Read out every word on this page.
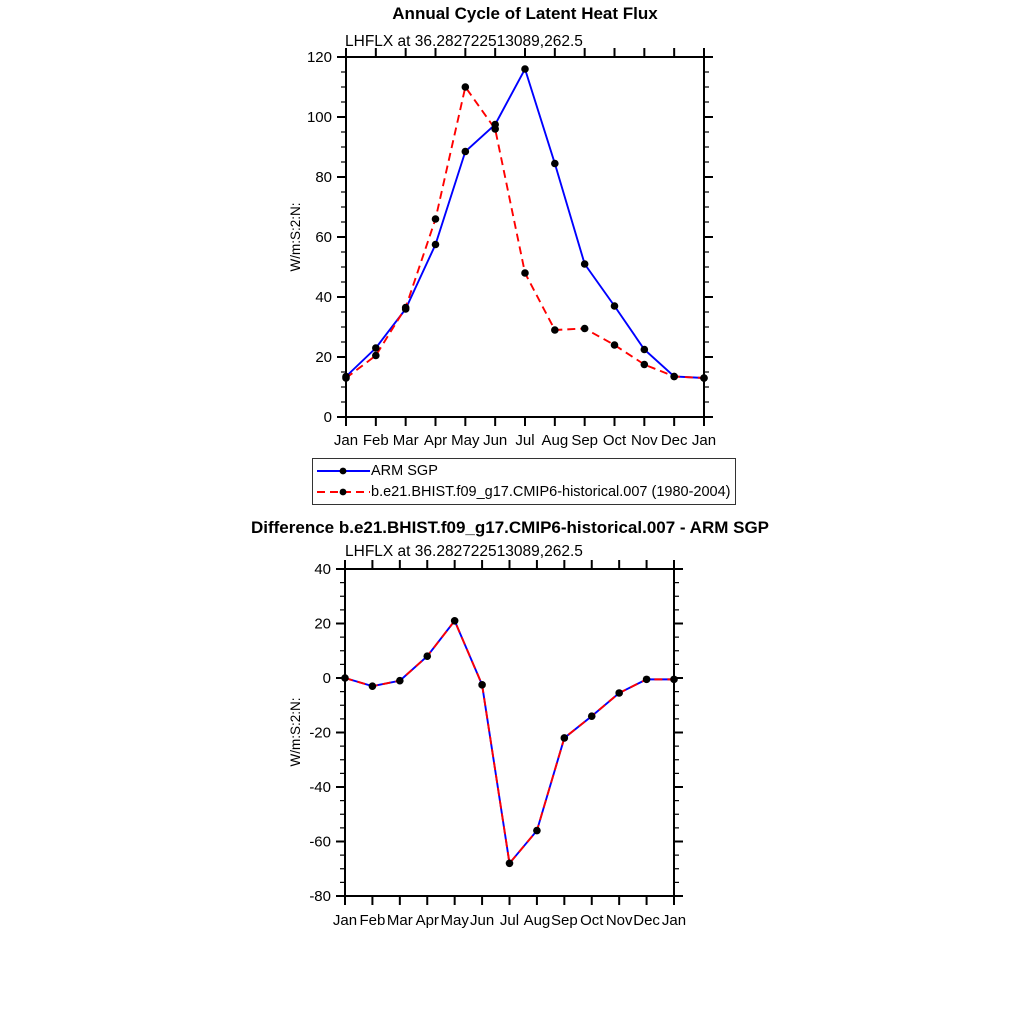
Annual Cycle of Latent Heat Flux
LHFLX at 36.282722513089,262.5
0
20
40
60
80
100
120
Jan Feb Mar Apr May Jun Jul Aug Sep Oct Nov Dec Jan
W/m:S:2:N:
ARM SGP
b.e21.BHIST.f09_g17.CMIP6-historical.007 (1980-2004)
Difference b.e21.BHIST.f09_g17.CMIP6-historical.007 - ARM SGP
LHFLX at 36.282722513089,262.5
-80
-60
-40
-20
0
20
40
Jan Feb Mar Apr May Jun Jul Aug Sep Oct Nov Dec Jan
W/m:S:2:N:
